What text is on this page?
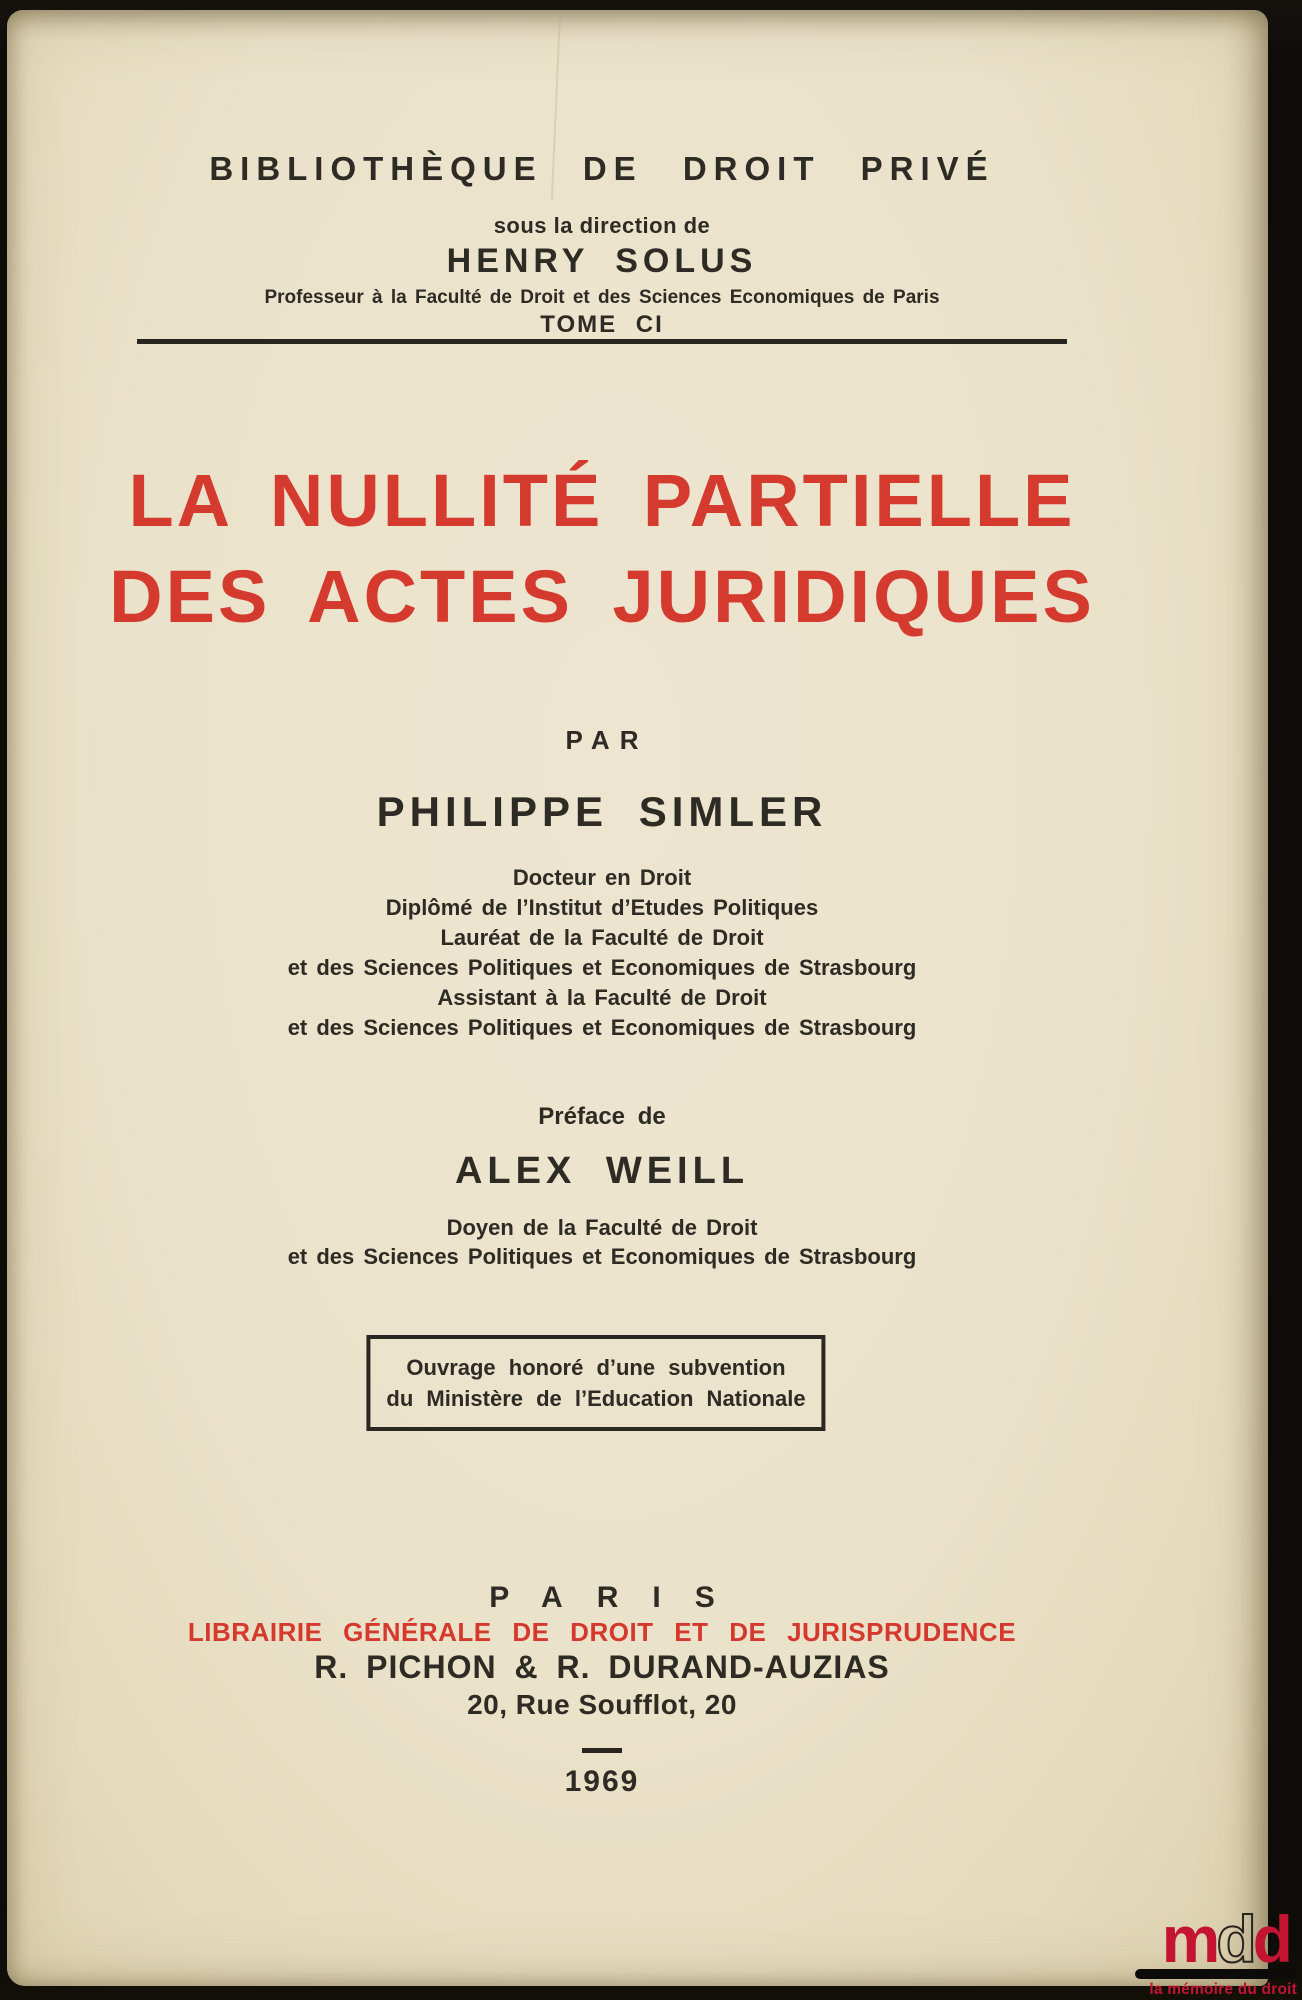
BIBLIOTHÈQUE DE DROIT PRIVÉ
sous la direction de
HENRY SOLUS
Professeur à la Faculté de Droit et des Sciences Economiques de Paris
TOME CI
LA NULLITÉ PARTIELLE
DES ACTES JURIDIQUES
PAR
PHILIPPE SIMLER
Docteur en Droit
Diplômé de l’Institut d’Etudes Politiques
Lauréat de la Faculté de Droit
et des Sciences Politiques et Economiques de Strasbourg
Assistant à la Faculté de Droit
et des Sciences Politiques et Economiques de Strasbourg
Préface de
ALEX WEILL
Doyen de la Faculté de Droit
et des Sciences Politiques et Economiques de Strasbourg
Ouvrage honoré d’une subvention
du Ministère de l’Education Nationale
PARIS
LIBRAIRIE GÉNÉRALE DE DROIT ET DE JURISPRUDENCE
R. PICHON & R. DURAND-AUZIAS
20, Rue Soufflot, 20
1969
mdd
la mémoire du droit
